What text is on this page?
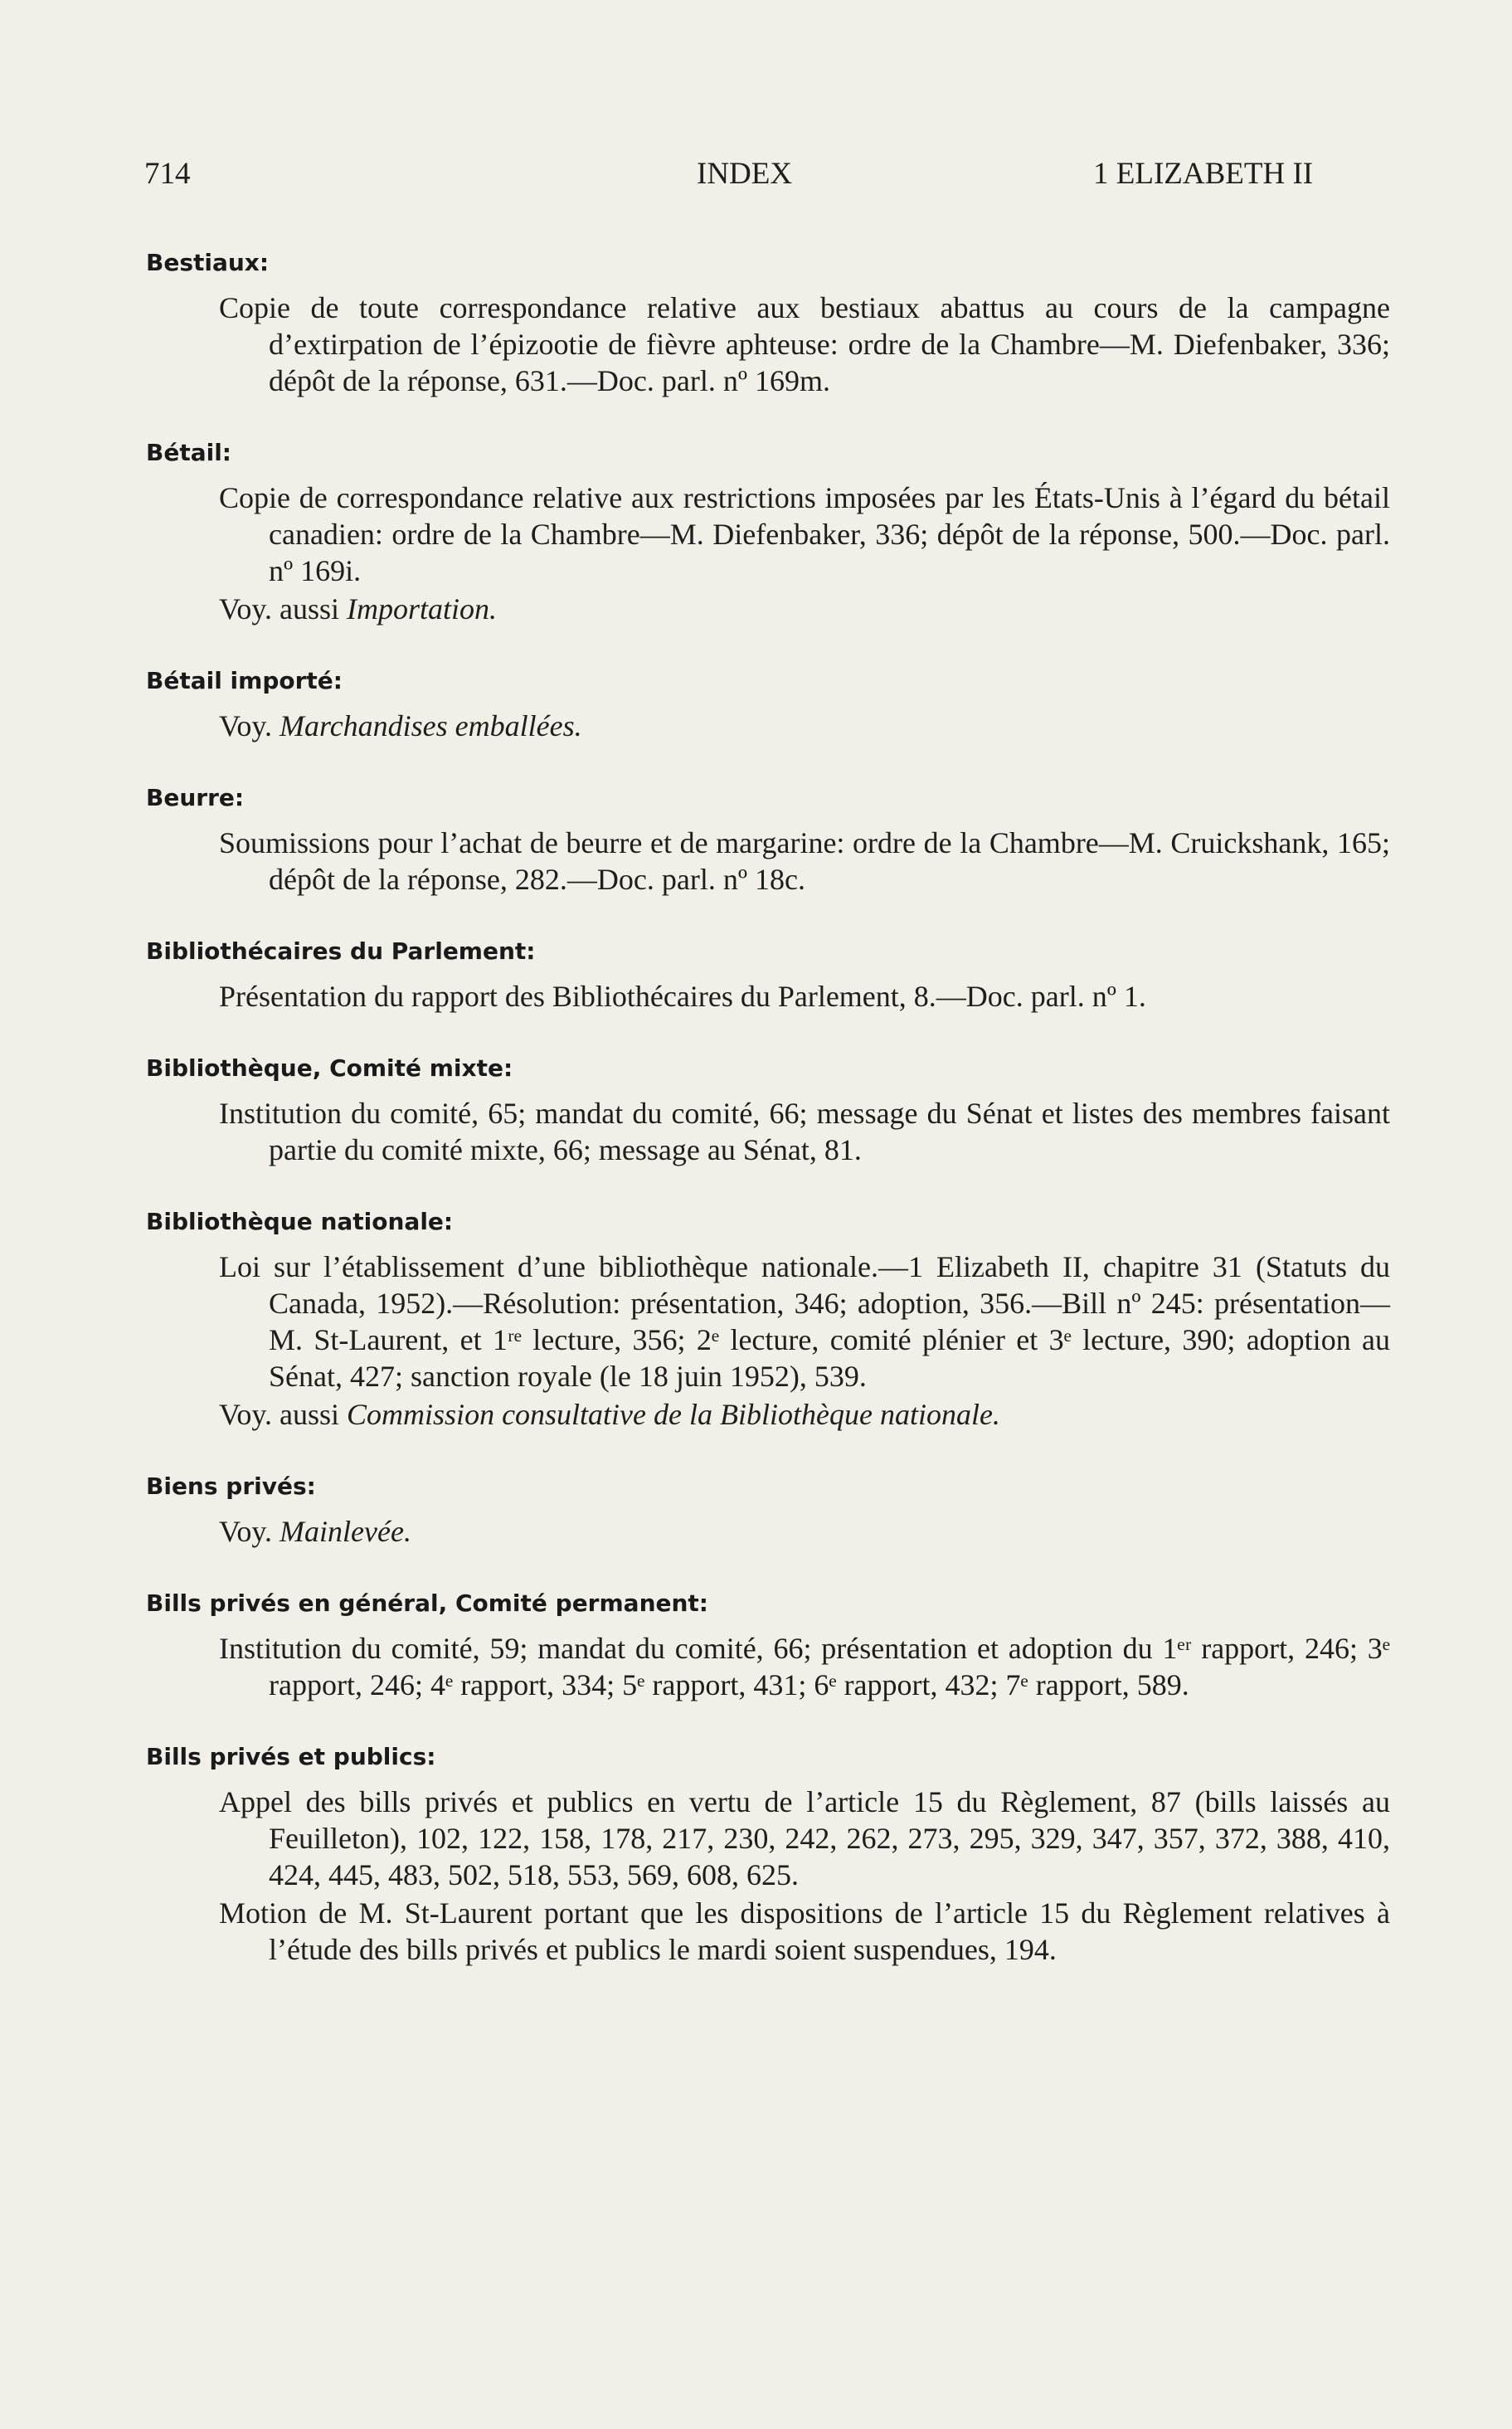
714	INDEX	1 ELIZABETH II
Bestiaux:
Copie de toute correspondance relative aux bestiaux abattus au cours de la campagne d’extirpation de l’épizootie de fièvre aphteuse: ordre de la Chambre—M. Diefenbaker, 336; dépôt de la réponse, 631.—Doc. parl. nº 169m.
Bétail:
Copie de correspondance relative aux restrictions imposées par les États-Unis à l’égard du bétail canadien: ordre de la Chambre—M. Diefenbaker, 336; dépôt de la réponse, 500.—Doc. parl. nº 169i.
Voy. aussi Importation.
Bétail importé:
Voy. Marchandises emballées.
Beurre:
Soumissions pour l’achat de beurre et de margarine: ordre de la Chambre—M. Cruickshank, 165; dépôt de la réponse, 282.—Doc. parl. nº 18c.
Bibliothécaires du Parlement:
Présentation du rapport des Bibliothécaires du Parlement, 8.—Doc. parl. nº 1.
Bibliothèque, Comité mixte:
Institution du comité, 65; mandat du comité, 66; message du Sénat et listes des membres faisant partie du comité mixte, 66; message au Sénat, 81.
Bibliothèque nationale:
Loi sur l’établissement d’une bibliothèque nationale.—1 Elizabeth II, chapitre 31 (Statuts du Canada, 1952).—Résolution: présentation, 346; adoption, 356.—Bill nº 245: présentation—M. St-Laurent, et 1ʳᵉ lecture, 356; 2ᵉ lecture, comité plénier et 3ᵉ lecture, 390; adoption au Sénat, 427; sanction royale (le 18 juin 1952), 539.
Voy. aussi Commission consultative de la Bibliothèque nationale.
Biens privés:
Voy. Mainlevée.
Bills privés en général, Comité permanent:
Institution du comité, 59; mandat du comité, 66; présentation et adoption du 1ᵉʳ rapport, 246; 3ᵉ rapport, 246; 4ᵉ rapport, 334; 5ᵉ rapport, 431; 6ᵉ rapport, 432; 7ᵉ rapport, 589.
Bills privés et publics:
Appel des bills privés et publics en vertu de l’article 15 du Règlement, 87 (bills laissés au Feuilleton), 102, 122, 158, 178, 217, 230, 242, 262, 273, 295, 329, 347, 357, 372, 388, 410, 424, 445, 483, 502, 518, 553, 569, 608, 625.
Motion de M. St-Laurent portant que les dispositions de l’article 15 du Règlement relatives à l’étude des bills privés et publics le mardi soient suspendues, 194.
